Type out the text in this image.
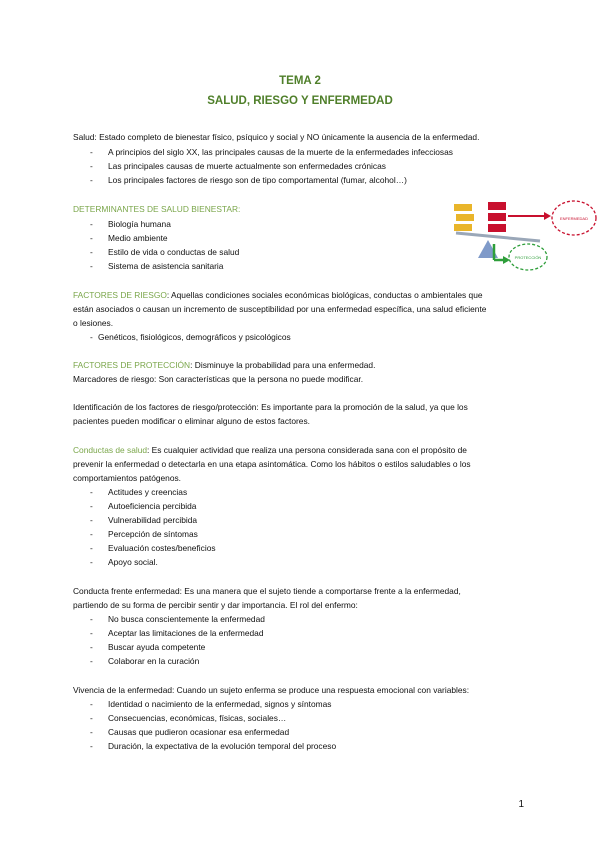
TEMA 2
SALUD, RIESGO Y ENFERMEDAD
Salud: Estado completo de bienestar físico, psíquico y social y NO únicamente la ausencia de la enfermedad.
- A principios del siglo XX, las principales causas de la muerte de la enfermedades infecciosas
- Las principales causas de muerte actualmente son enfermedades crónicas
- Los principales factores de riesgo son de tipo comportamental (fumar, alcohol…)
DETERMINANTES DE SALUD BIENESTAR:
- Biología humana
- Medio ambiente
- Estilo de vida o conductas de salud
- Sistema de asistencia sanitaria
ENFERMEDAD
PROTECCIÓN
FACTORES DE RIESGO: Aquellas condiciones sociales económicas biológicas, conductas o ambientales que
están asociados o causan un incremento de susceptibilidad por una enfermedad específica, una salud eficiente
o lesiones.
- Genéticos, fisiológicos, demográficos y psicológicos
FACTORES DE PROTECCIÓN: Disminuye la probabilidad para una enfermedad.
Marcadores de riesgo: Son características que la persona no puede modificar.
Identificación de los factores de riesgo/protección: Es importante para la promoción de la salud, ya que los
pacientes pueden modificar o eliminar alguno de estos factores.
Conductas de salud: Es cualquier actividad que realiza una persona considerada sana con el propósito de
prevenir la enfermedad o detectarla en una etapa asintomática. Como los hábitos o estilos saludables o los
comportamientos patógenos.
- Actitudes y creencias
- Autoeficiencia percibida
- Vulnerabilidad percibida
- Percepción de síntomas
- Evaluación costes/beneficios
- Apoyo social.
Conducta frente enfermedad: Es una manera que el sujeto tiende a comportarse frente a la enfermedad,
partiendo de su forma de percibir sentir y dar importancia. El rol del enfermo:
- No busca conscientemente la enfermedad
- Aceptar las limitaciones de la enfermedad
- Buscar ayuda competente
- Colaborar en la curación
Vivencia de la enfermedad: Cuando un sujeto enferma se produce una respuesta emocional con variables:
- Identidad o nacimiento de la enfermedad, signos y síntomas
- Consecuencias, económicas, físicas, sociales…
- Causas que pudieron ocasionar esa enfermedad
- Duración, la expectativa de la evolución temporal del proceso
1
